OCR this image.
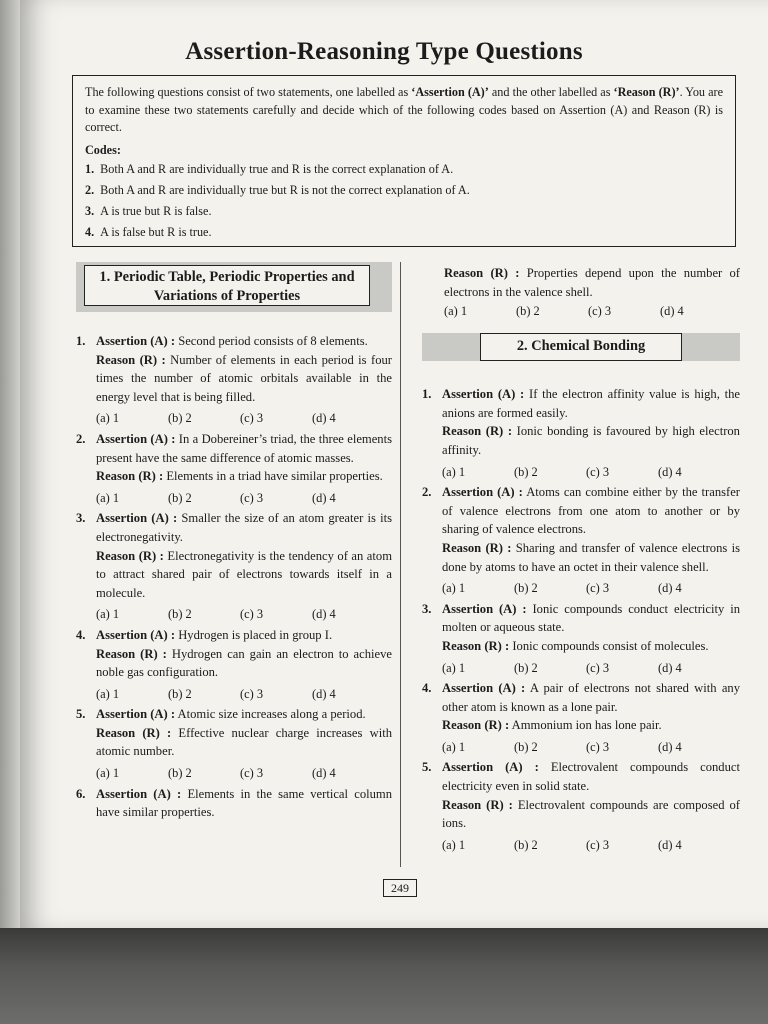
Assertion-Reasoning Type Questions

The following questions consist of two statements, one labelled as ‘Assertion (A)’ and the other labelled as ‘Reason (R)’. You are to examine these two statements carefully and decide which of the following codes based on Assertion (A) and Reason (R) is correct.

Codes:

1. Both A and R are individually true and R is the correct explanation of A.
2. Both A and R are individually true but R is not the correct explanation of A.
3. A is true but R is false.
4. A is false but R is true.
1. Periodic Table, Periodic Properties and Variations of Properties
1. Assertion (A) : Second period consists of 8 elements.
Reason (R) : Number of elements in each period is four times the number of atomic orbitals available in the energy level that is being filled.
(a) 1	(b) 2	(c) 3	(d) 4
2. Assertion (A) : In a Dobereiner’s triad, the three elements present have the same difference of atomic masses.
Reason (R) : Elements in a triad have similar properties.
(a) 1	(b) 2	(c) 3	(d) 4
3. Assertion (A) : Smaller the size of an atom greater is its electronegativity.
Reason (R) : Electronegativity is the tendency of an atom to attract shared pair of electrons towards itself in a molecule.
(a) 1	(b) 2	(c) 3	(d) 4
4. Assertion (A) : Hydrogen is placed in group I.
Reason (R) : Hydrogen can gain an electron to achieve noble gas configuration.
(a) 1	(b) 2	(c) 3	(d) 4
5. Assertion (A) : Atomic size increases along a period.
Reason (R) : Effective nuclear charge increases with atomic number.
(a) 1	(b) 2	(c) 3	(d) 4
6. Assertion (A) : Elements in the same vertical column have similar properties.
Reason (R) : Properties depend upon the number of electrons in the valence shell.
(a) 1	(b) 2	(c) 3	(d) 4
2. Chemical Bonding
1. Assertion (A) : If the electron affinity value is high, the anions are formed easily.
Reason (R) : Ionic bonding is favoured by high electron affinity.
(a) 1	(b) 2	(c) 3	(d) 4
2. Assertion (A) : Atoms can combine either by the transfer of valence electrons from one atom to another or by sharing of valence electrons.
Reason (R) : Sharing and transfer of valence electrons is done by atoms to have an octet in their valence shell.
(a) 1	(b) 2	(c) 3	(d) 4
3. Assertion (A) : Ionic compounds conduct electricity in molten or aqueous state.
Reason (R) : Ionic compounds consist of molecules.
(a) 1	(b) 2	(c) 3	(d) 4
4. Assertion (A) : A pair of electrons not shared with any other atom is known as a lone pair.
Reason (R) : Ammonium ion has lone pair.
(a) 1	(b) 2	(c) 3	(d) 4
5. Assertion (A) : Electrovalent compounds conduct electricity even in solid state.
Reason (R) : Electrovalent compounds are composed of ions.
(a) 1	(b) 2	(c) 3	(d) 4
249
